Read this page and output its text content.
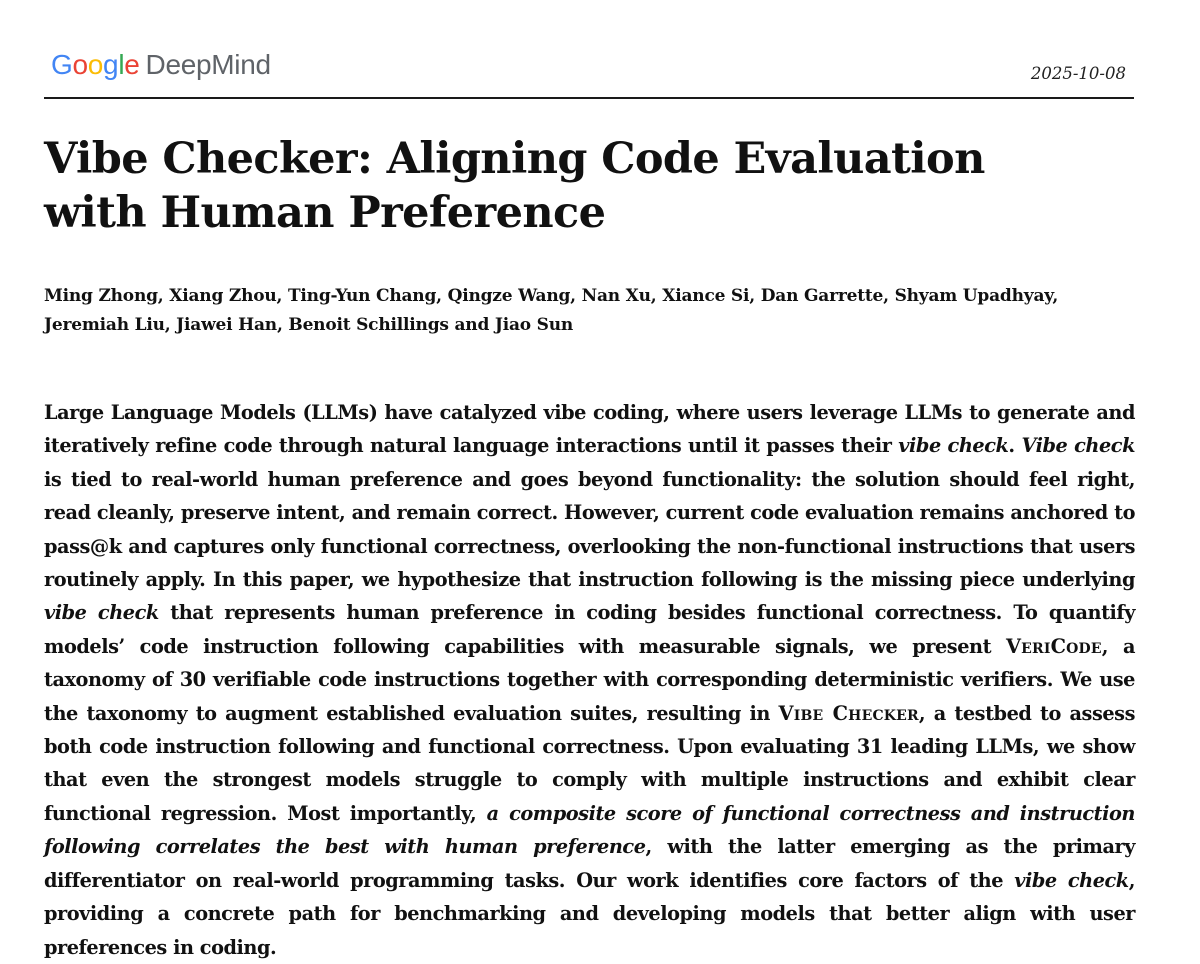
Google DeepMind	2025-10-08
Vibe Checker: Aligning Code Evaluation
with Human Preference
Ming Zhong, Xiang Zhou, Ting-Yun Chang, Qingze Wang, Nan Xu, Xiance Si, Dan Garrette, Shyam Upadhyay,
Jeremiah Liu, Jiawei Han, Benoit Schillings and Jiao Sun
Large Language Models (LLMs) have catalyzed vibe coding, where users leverage LLMs to generate and iteratively refine code through natural language interactions until it passes their vibe check. Vibe check is tied to real-world human preference and goes beyond functionality: the solution should feel right, read cleanly, preserve intent, and remain correct. However, current code evaluation remains anchored to pass@k and captures only functional correctness, overlooking the non-functional instructions that users routinely apply. In this paper, we hypothesize that instruction following is the missing piece underlying vibe check that represents human preference in coding besides functional correctness. To quantify models’ code instruction following capabilities with measurable signals, we present VeriCode, a taxonomy of 30 verifiable code instructions together with corresponding deterministic verifiers. We use the taxonomy to augment established evaluation suites, resulting in Vibe Checker, a testbed to assess both code instruction following and functional correctness. Upon evaluating 31 leading LLMs, we show that even the strongest models struggle to comply with multiple instructions and exhibit clear functional regression. Most importantly, a composite score of functional correctness and instruction following correlates the best with human preference, with the latter emerging as the primary differentiator on real-world programming tasks. Our work identifies core factors of the vibe check, providing a concrete path for benchmarking and developing models that better align with user preferences in coding.
